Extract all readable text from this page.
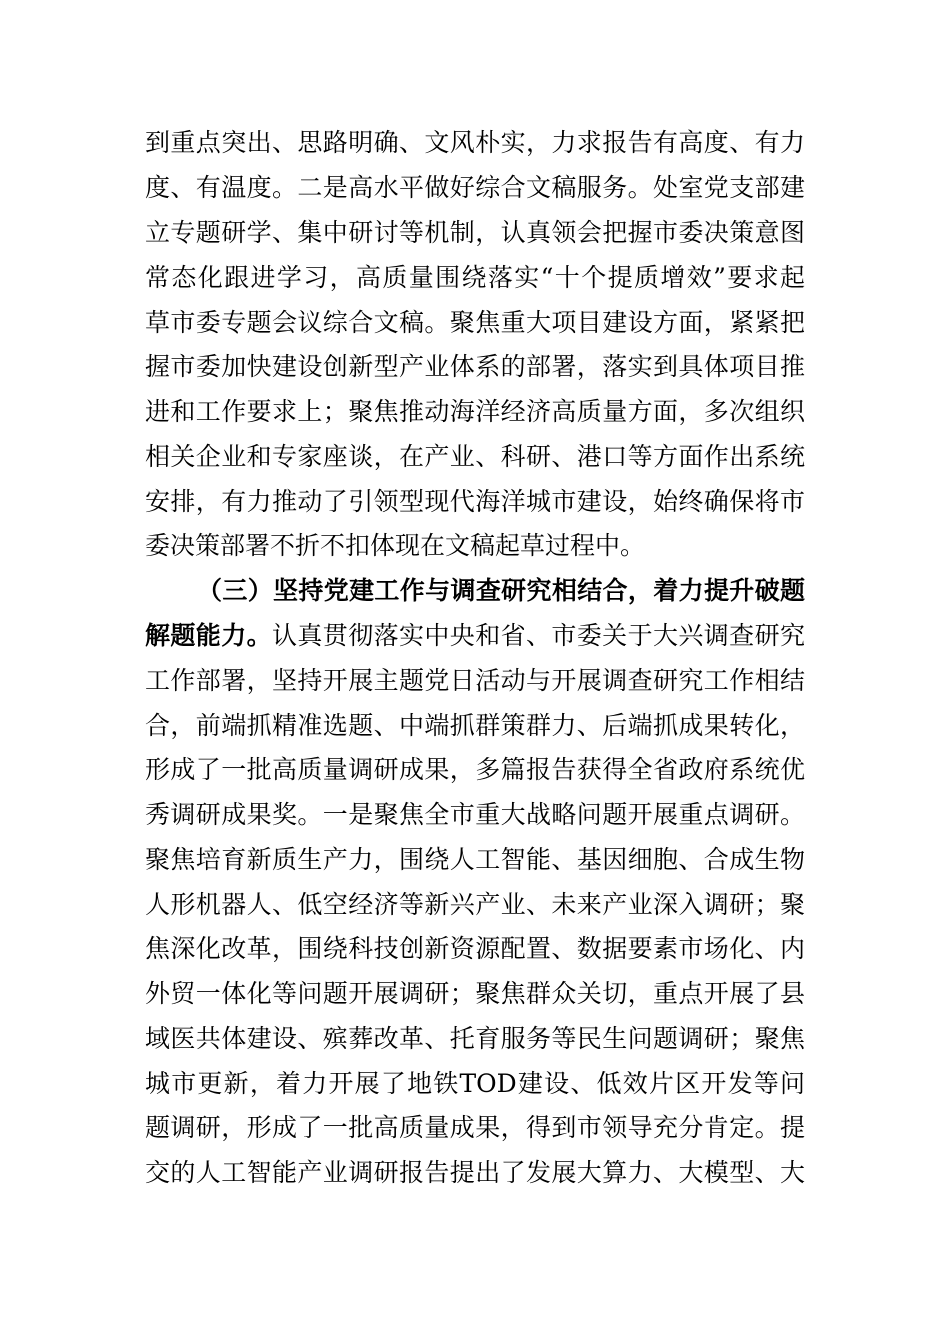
到重点突出、思路明确、文风朴实，力求报告有高度、有力
度、有温度。二是高水平做好综合文稿服务。处室党支部建
立专题研学、集中研讨等机制，认真领会把握市委决策意图
常态化跟进学习，高质量围绕落实“十个提质增效”要求起
草市委专题会议综合文稿。聚焦重大项目建设方面，紧紧把
握市委加快建设创新型产业体系的部署，落实到具体项目推
进和工作要求上；聚焦推动海洋经济高质量方面，多次组织
相关企业和专家座谈，在产业、科研、港口等方面作出系统
安排，有力推动了引领型现代海洋城市建设，始终确保将市
委决策部署不折不扣体现在文稿起草过程中。
（三）坚持党建工作与调查研究相结合，着力提升破题
解题能力。认真贯彻落实中央和省、市委关于大兴调查研究
工作部署，坚持开展主题党日活动与开展调查研究工作相结
合，前端抓精准选题、中端抓群策群力、后端抓成果转化，
形成了一批高质量调研成果，多篇报告获得全省政府系统优
秀调研成果奖。一是聚焦全市重大战略问题开展重点调研。
聚焦培育新质生产力，围绕人工智能、基因细胞、合成生物
人形机器人、低空经济等新兴产业、未来产业深入调研；聚
焦深化改革，围绕科技创新资源配置、数据要素市场化、内
外贸一体化等问题开展调研；聚焦群众关切，重点开展了县
域医共体建设、殡葬改革、托育服务等民生问题调研；聚焦
城市更新，着力开展了地铁TOD建设、低效片区开发等问
题调研，形成了一批高质量成果，得到市领导充分肯定。提
交的人工智能产业调研报告提出了发展大算力、大模型、大
